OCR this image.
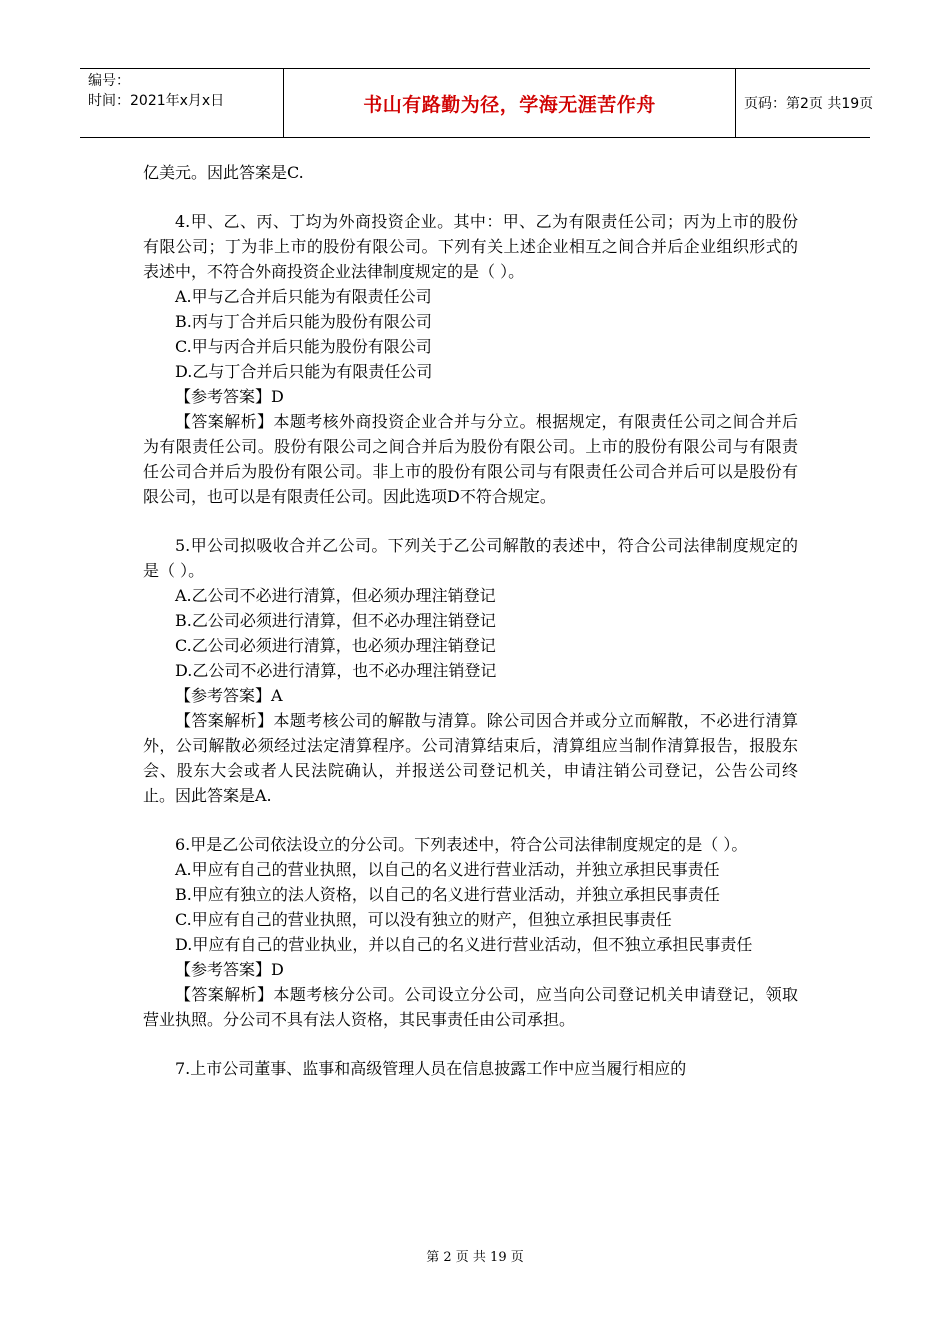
编号：
时间：2021年x月x日	书山有路勤为径，学海无涯苦作舟	页码：第2页 共19页

亿美元。因此答案是C.

4.甲、乙、丙、丁均为外商投资企业。其中：甲、乙为有限责任公司；丙为上市的股份有限公司；丁为非上市的股份有限公司。下列有关上述企业相互之间合并后企业组织形式的表述中，不符合外商投资企业法律制度规定的是（ ）。

A.甲与乙合并后只能为有限责任公司

B.丙与丁合并后只能为股份有限公司

C.甲与丙合并后只能为股份有限公司

D.乙与丁合并后只能为有限责任公司

【参考答案】D

【答案解析】本题考核外商投资企业合并与分立。根据规定，有限责任公司之间合并后为有限责任公司。股份有限公司之间合并后为股份有限公司。上市的股份有限公司与有限责任公司合并后为股份有限公司。非上市的股份有限公司与有限责任公司合并后可以是股份有限公司，也可以是有限责任公司。因此选项D不符合规定。

5.甲公司拟吸收合并乙公司。下列关于乙公司解散的表述中，符合公司法律制度规定的是（ ）。

A.乙公司不必进行清算，但必须办理注销登记

B.乙公司必须进行清算，但不必办理注销登记

C.乙公司必须进行清算，也必须办理注销登记

D.乙公司不必进行清算，也不必办理注销登记

【参考答案】A

【答案解析】本题考核公司的解散与清算。除公司因合并或分立而解散，不必进行清算外，公司解散必须经过法定清算程序。公司清算结束后，清算组应当制作清算报告，报股东会、股东大会或者人民法院确认，并报送公司登记机关，申请注销公司登记，公告公司终止。因此答案是A.

6.甲是乙公司依法设立的分公司。下列表述中，符合公司法律制度规定的是（ ）。

A.甲应有自己的营业执照，以自己的名义进行营业活动，并独立承担民事责任

B.甲应有独立的法人资格，以自己的名义进行营业活动，并独立承担民事责任

C.甲应有自己的营业执照，可以没有独立的财产，但独立承担民事责任

D.甲应有自己的营业执业，并以自己的名义进行营业活动，但不独立承担民事责任

【参考答案】D

【答案解析】本题考核分公司。公司设立分公司，应当向公司登记机关申请登记，领取营业执照。分公司不具有法人资格，其民事责任由公司承担。

7.上市公司董事、监事和高级管理人员在信息披露工作中应当履行相应的

第 2 页 共 19 页
